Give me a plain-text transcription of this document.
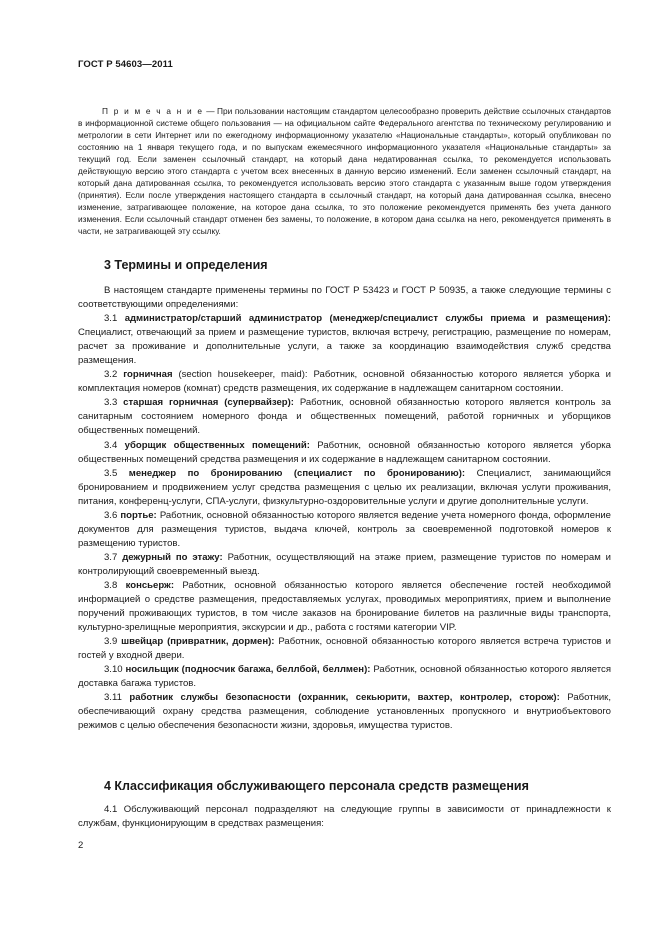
ГОСТ Р 54603—2011

П р и м е ч а н и е — При пользовании настоящим стандартом целесообразно проверить действие ссылочных стандартов в информационной системе общего пользования — на официальном сайте Федерального агентства по техническому регулированию и метрологии в сети Интернет или по ежегодному информационному указателю «Национальные стандарты», который опубликован по состоянию на 1 января текущего года, и по выпускам ежемесячного информационного указателя «Национальные стандарты» за текущий год. Если заменен ссылочный стандарт, на который дана недатированная ссылка, то рекомендуется использовать действующую версию этого стандарта с учетом всех внесенных в данную версию изменений. Если заменен ссылочный стандарт, на который дана датированная ссылка, то рекомендуется использовать версию этого стандарта с указанным выше годом утверждения (принятия). Если после утверждения настоящего стандарта в ссылочный стандарт, на который дана датированная ссылка, внесено изменение, затрагивающее положение, на которое дана ссылка, то это положение рекомендуется применять без учета данного изменения. Если ссылочный стандарт отменен без замены, то положение, в котором дана ссылка на него, рекомендуется применять в части, не затрагивающей эту ссылку.

3 Термины и определения

В настоящем стандарте применены термины по ГОСТ Р 53423 и ГОСТ Р 50935, а также следующие термины с соответствующими определениями:

3.1 администратор/старший администратор (менеджер/специалист службы приема и размещения): Специалист, отвечающий за прием и размещение туристов, включая встречу, регистрацию, размещение по номерам, расчет за проживание и дополнительные услуги, а также за координацию взаимодействия служб средства размещения.

3.2 горничная (section housekeeper, maid): Работник, основной обязанностью которого является уборка и комплектация номеров (комнат) средств размещения, их содержание в надлежащем санитарном состоянии.

3.3 старшая горничная (супервайзер): Работник, основной обязанностью которого является контроль за санитарным состоянием номерного фонда и общественных помещений, работой горничных и уборщиков общественных помещений.

3.4 уборщик общественных помещений: Работник, основной обязанностью которого является уборка общественных помещений средства размещения и их содержание в надлежащем санитарном состоянии.

3.5 менеджер по бронированию (специалист по бронированию): Специалист, занимающийся бронированием и продвижением услуг средства размещения с целью их реализации, включая услуги проживания, питания, конференц-услуги, СПА-услуги, физкультурно-оздоровительные услуги и другие дополнительные услуги.

3.6 портье: Работник, основной обязанностью которого является ведение учета номерного фонда, оформление документов для размещения туристов, выдача ключей, контроль за своевременной подготовкой номеров к размещению туристов.

3.7 дежурный по этажу: Работник, осуществляющий на этаже прием, размещение туристов по номерам и контролирующий своевременный выезд.

3.8 консьерж: Работник, основной обязанностью которого является обеспечение гостей необходимой информацией о средстве размещения, предоставляемых услугах, проводимых мероприятиях, прием и выполнение поручений проживающих туристов, в том числе заказов на бронирование билетов на различные виды транспорта, культурно-зрелищные мероприятия, экскурсии и др., работа с гостями категории VIP.

3.9 швейцар (привратник, дормен): Работник, основной обязанностью которого является встреча туристов и гостей у входной двери.

3.10 носильщик (подносчик багажа, беллбой, беллмен): Работник, основной обязанностью которого является доставка багажа туристов.

3.11 работник службы безопасности (охранник, секьюрити, вахтер, контролер, сторож): Работник, обеспечивающий охрану средства размещения, соблюдение установленных пропускного и внутриобъектового режимов с целью обеспечения безопасности жизни, здоровья, имущества туристов.

4 Классификация обслуживающего персонала средств размещения

4.1 Обслуживающий персонал подразделяют на следующие группы в зависимости от принадлежности к службам, функционирующим в средствах размещения:

2
